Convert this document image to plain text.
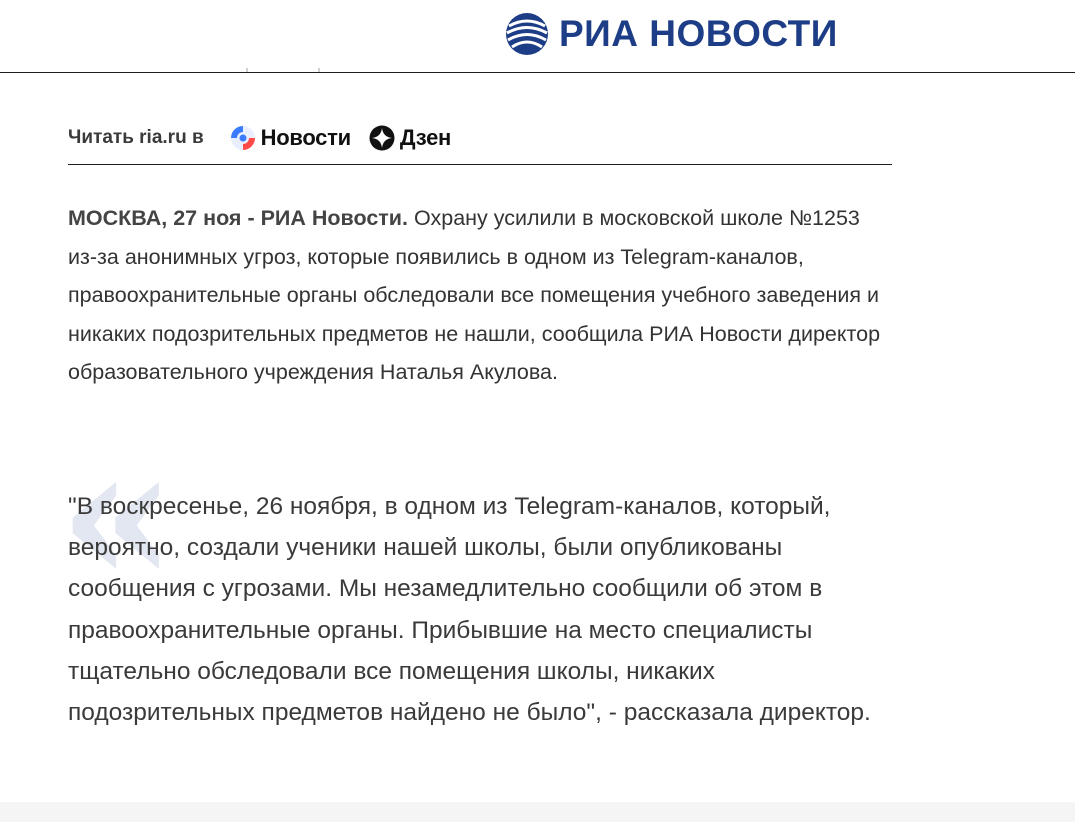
РИА НОВОСТИ
Читать ria.ru в	Новости Дзен

МОСКВА, 27 ноя - РИА Новости. Охрану усилили в московской школе №1253 из-за анонимных угроз, которые появились в одном из Telegram-каналов, правоохранительные органы обследовали все помещения учебного заведения и никаких подозрительных предметов не нашли, сообщила РИА Новости директор образовательного учреждения Наталья Акулова.

«

"В воскресенье, 26 ноября, в одном из Telegram-каналов, который, вероятно, создали ученики нашей школы, были опубликованы сообщения с угрозами. Мы незамедлительно сообщили об этом в правоохранительные органы. Прибывшие на место специалисты тщательно обследовали все помещения школы, никаких подозрительных предметов найдено не было", - рассказала директор.
